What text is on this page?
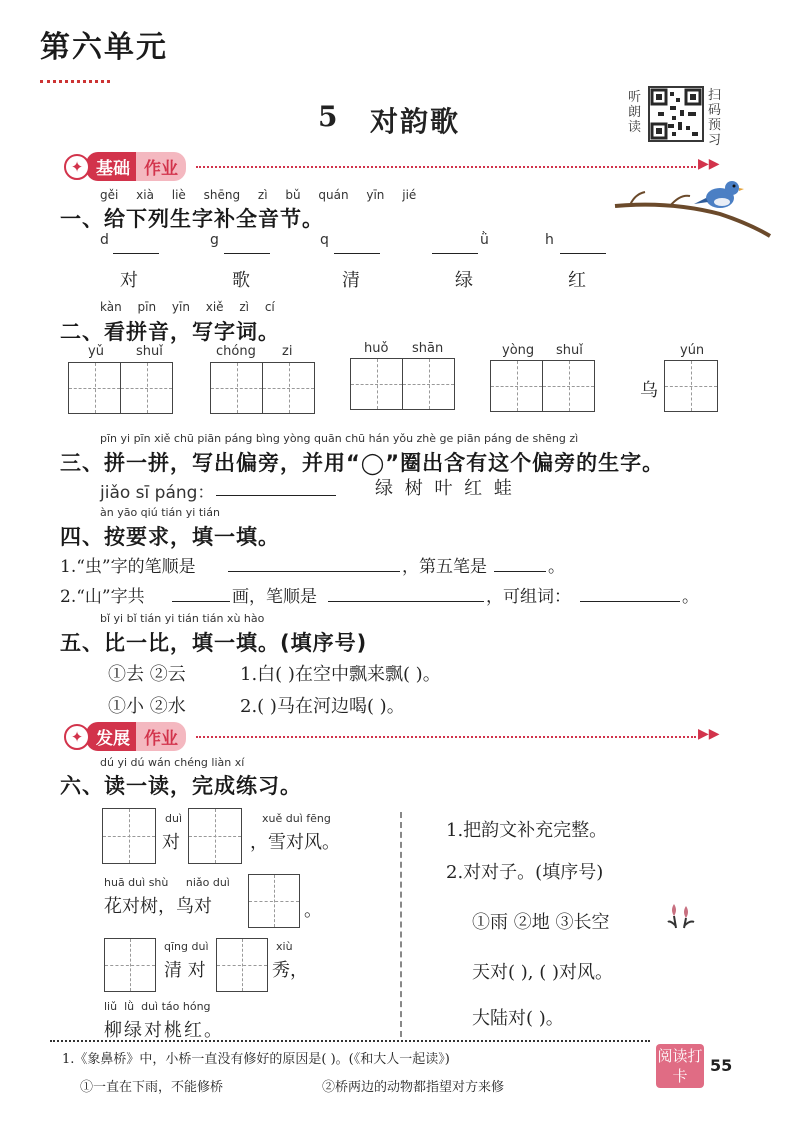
第六单元
5 对韵歌
听朗读
扫码预习
✦ 基础 作业	▶▶
gěi xià liè shēng zì bǔ quán yīn jié
一、给下列生字补全音节。
d	g	q	ǜ	h
对	歌	清	绿	红
kàn pīn yīn xiě zì cí
二、看拼音，写字词。
yǔ shuǐ	chóng zi	huǒ shān	yòng shuǐ
乌
yún
pīn yi pīn xiě chū piān páng bìng yòng quān chū hán yǒu zhè ge piān páng de shēng zì
三、拼一拼，写出偏旁，并用“◯”圈出含有这个偏旁的生字。
jiǎo sī páng：	绿 树 叶 红 蛙
àn yāo qiú tián yi tián
四、按要求，填一填。
1.“虫”字的笔顺是	，第五笔是	。
2.“山”字共	画，笔顺是	，可组词：	。
bǐ yi bǐ tián yi tián tián xù hào
五、比一比，填一填。(填序号)
①去 ②云	1.白( )在空中飘来飘( )。
①小 ②水	2.( )马在河边喝( )。
✦ 发展 作业	▶▶
dú yi dú wán chéng liàn xí
六、读一读，完成练习。
duì
对
xuě duì fēng
，雪对风。
huā duì shù     niǎo duì
花对树，鸟对	。
qīng duì
清 对
xiù
秀，
liǔ  lǜ  duì táo hóng
柳绿对桃红。
1.把韵文补充完整。
2.对对子。(填序号)
①雨 ②地 ③长空
天对( ), ( )对风。
大陆对( )。
1.《象鼻桥》中，小桥一直没有修好的原因是( )。(《和大人一起读》)
①一直在下雨，不能修桥	②桥两边的动物都指望对方来修
阅读打卡
55
